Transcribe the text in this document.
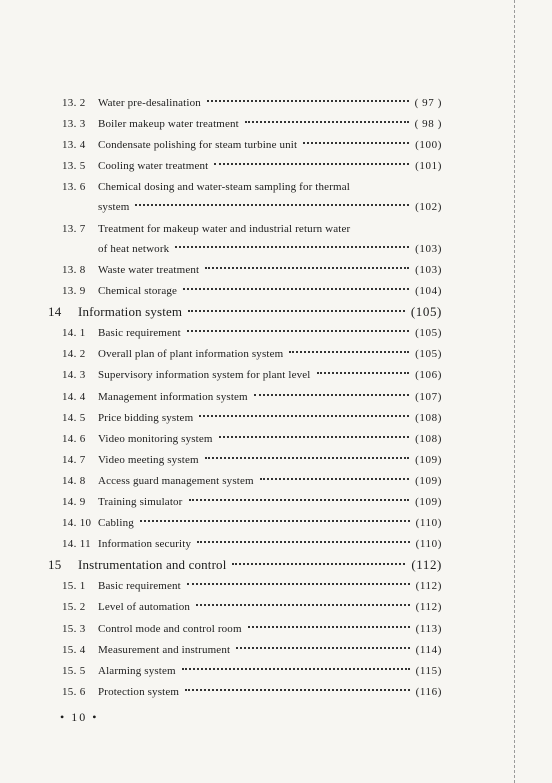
13. 2	Water pre-desalination	( 97 )
13. 3	Boiler makeup water treatment	( 98 )
13. 4	Condensate polishing for steam turbine unit	(100)
13. 5	Cooling water treatment	(101)
13. 6	Chemical dosing and water-steam sampling for thermal
system	(102)
13. 7	Treatment for makeup water and industrial return water
of heat network	(103)
13. 8	Waste water treatment	(103)
13. 9	Chemical storage	(104)
14	Information system	(105)
14. 1	Basic requirement	(105)
14. 2	Overall plan of plant information system	(105)
14. 3	Supervisory information system for plant level	(106)
14. 4	Management information system	(107)
14. 5	Price bidding system	(108)
14. 6	Video monitoring system	(108)
14. 7	Video meeting system	(109)
14. 8	Access guard management system	(109)
14. 9	Training simulator	(109)
14. 10 Cabling	(110)
14. 11 Information security	(110)
15	Instrumentation and control	(112)
15. 1	Basic requirement	(112)
15. 2	Level of automation	(112)
15. 3	Control mode and control room	(113)
15. 4	Measurement and instrument	(114)
15. 5	Alarming system	(115)
15. 6	Protection system	(116)
• 10 •
